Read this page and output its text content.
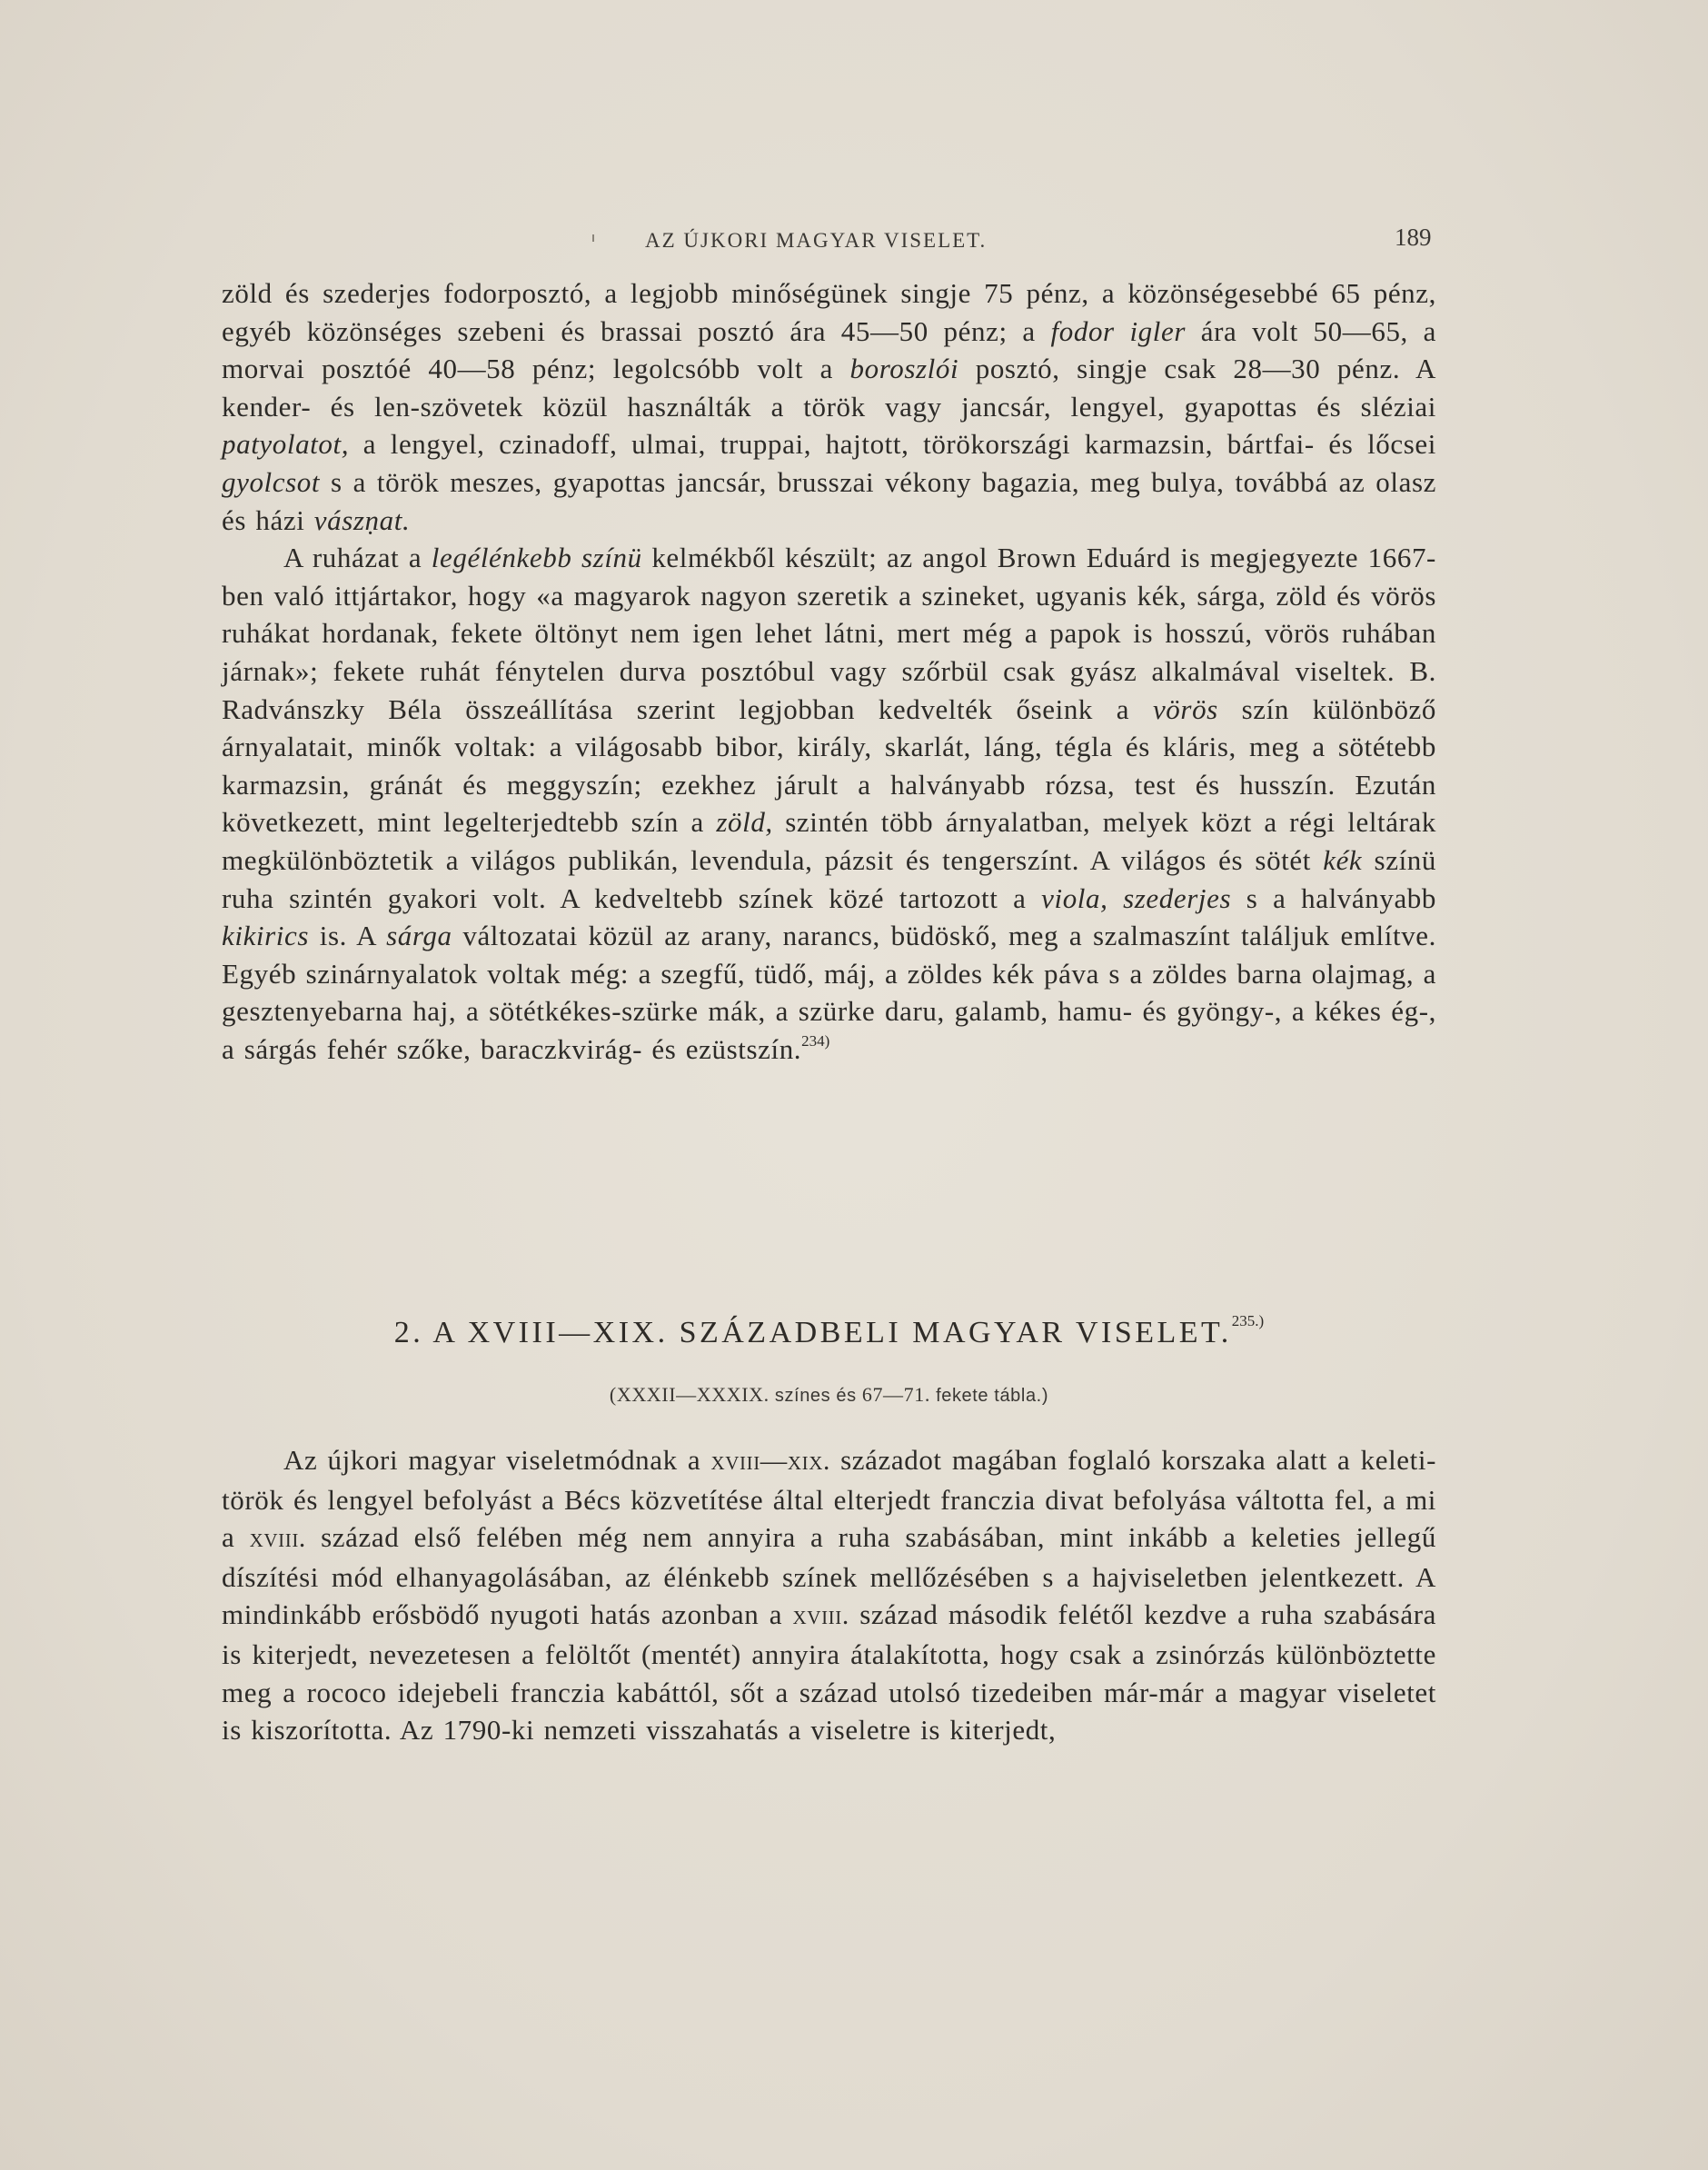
AZ ÚJKORI MAGYAR VISELET.	189

zöld és szederjes fodorposztó, a legjobb minőségünek singje 75 pénz, a közönségesebbé 65 pénz, egyéb közönséges szebeni és brassai posztó ára 45—50 pénz; a fodor igler ára volt 50—65, a morvai posztóé 40—58 pénz; legolcsóbb volt a boroszlói posztó, singje csak 28—30 pénz. A kender- és len-szövetek közül használták a török vagy jancsár, lengyel, gyapottas és sléziai patyolatot, a lengyel, czinadoff, ulmai, truppai, hajtott, törökországi karmazsin, bártfai- és lőcsei gyolcsot s a török meszes, gyapottas jancsár, brusszai vékony bagazia, meg bulya, továbbá az olasz és házi vászṇat.

A ruházat a legélénkebb színü kelmékből készült; az angol Brown Eduárd is megjegyezte 1667-ben való ittjártakor, hogy «a magyarok nagyon szeretik a szineket, ugyanis kék, sárga, zöld és vörös ruhákat hordanak, fekete öltönyt nem igen lehet látni, mert még a papok is hosszú, vörös ruhában járnak»; fekete ruhát fénytelen durva posztóbul vagy szőrbül csak gyász alkalmával viseltek. B. Radvánszky Béla összeállítása szerint legjobban kedvelték őseink a vörös szín különböző árnyalatait, minők voltak: a világosabb bibor, király, skarlát, láng, tégla és kláris, meg a sötétebb karmazsin, gránát és meggyszín; ezekhez járult a halványabb rózsa, test és husszín. Ezután következett, mint legelterjedtebb szín a zöld, szintén több árnyalatban, melyek közt a régi leltárak megkülönböztetik a világos publikán, levendula, pázsit és tengerszínt. A világos és sötét kék színü ruha szintén gyakori volt. A kedveltebb színek közé tartozott a viola, szederjes s a halványabb kikirics is. A sárga változatai közül az arany, narancs, büdöskő, meg a szalmaszínt találjuk említve. Egyéb szinárnyalatok voltak még: a szegfű, tüdő, máj, a zöldes kék páva s a zöldes barna olajmag, a gesztenyebarna haj, a sötétkékes-szürke mák, a szürke daru, galamb, hamu- és gyöngy-, a kékes ég-, a sárgás fehér szőke, baraczkvirág- és ezüstszín.$^{234)}$

2. A XVIII—XIX. SZÁZADBELI MAGYAR VISELET.$^{235.)}$
(XXXII—XXXIX. színes és 67—71. fekete tábla.)

Az újkori magyar viseletmódnak a xviii—xix. századot magában foglaló korszaka alatt a keleti-török és lengyel befolyást a Bécs közvetítése által elterjedt franczia divat befolyása váltotta fel, a mi a xviii. század első felében még nem annyira a ruha szabásában, mint inkább a keleties jellegű díszítési mód elhanyagolásában, az élénkebb színek mellőzésében s a hajviseletben jelentkezett. A mindinkább erősbödő nyugoti hatás azonban a xviii. század második felétől kezdve a ruha szabására is kiterjedt, nevezetesen a felöltőt (mentét) annyira átalakította, hogy csak a zsinórzás különböztette meg a rococo idejebeli franczia kabáttól, sőt a század utolsó tizedeiben már-már a magyar viseletet is kiszorította. Az 1790-ki nemzeti visszahatás a viseletre is kiterjedt,
